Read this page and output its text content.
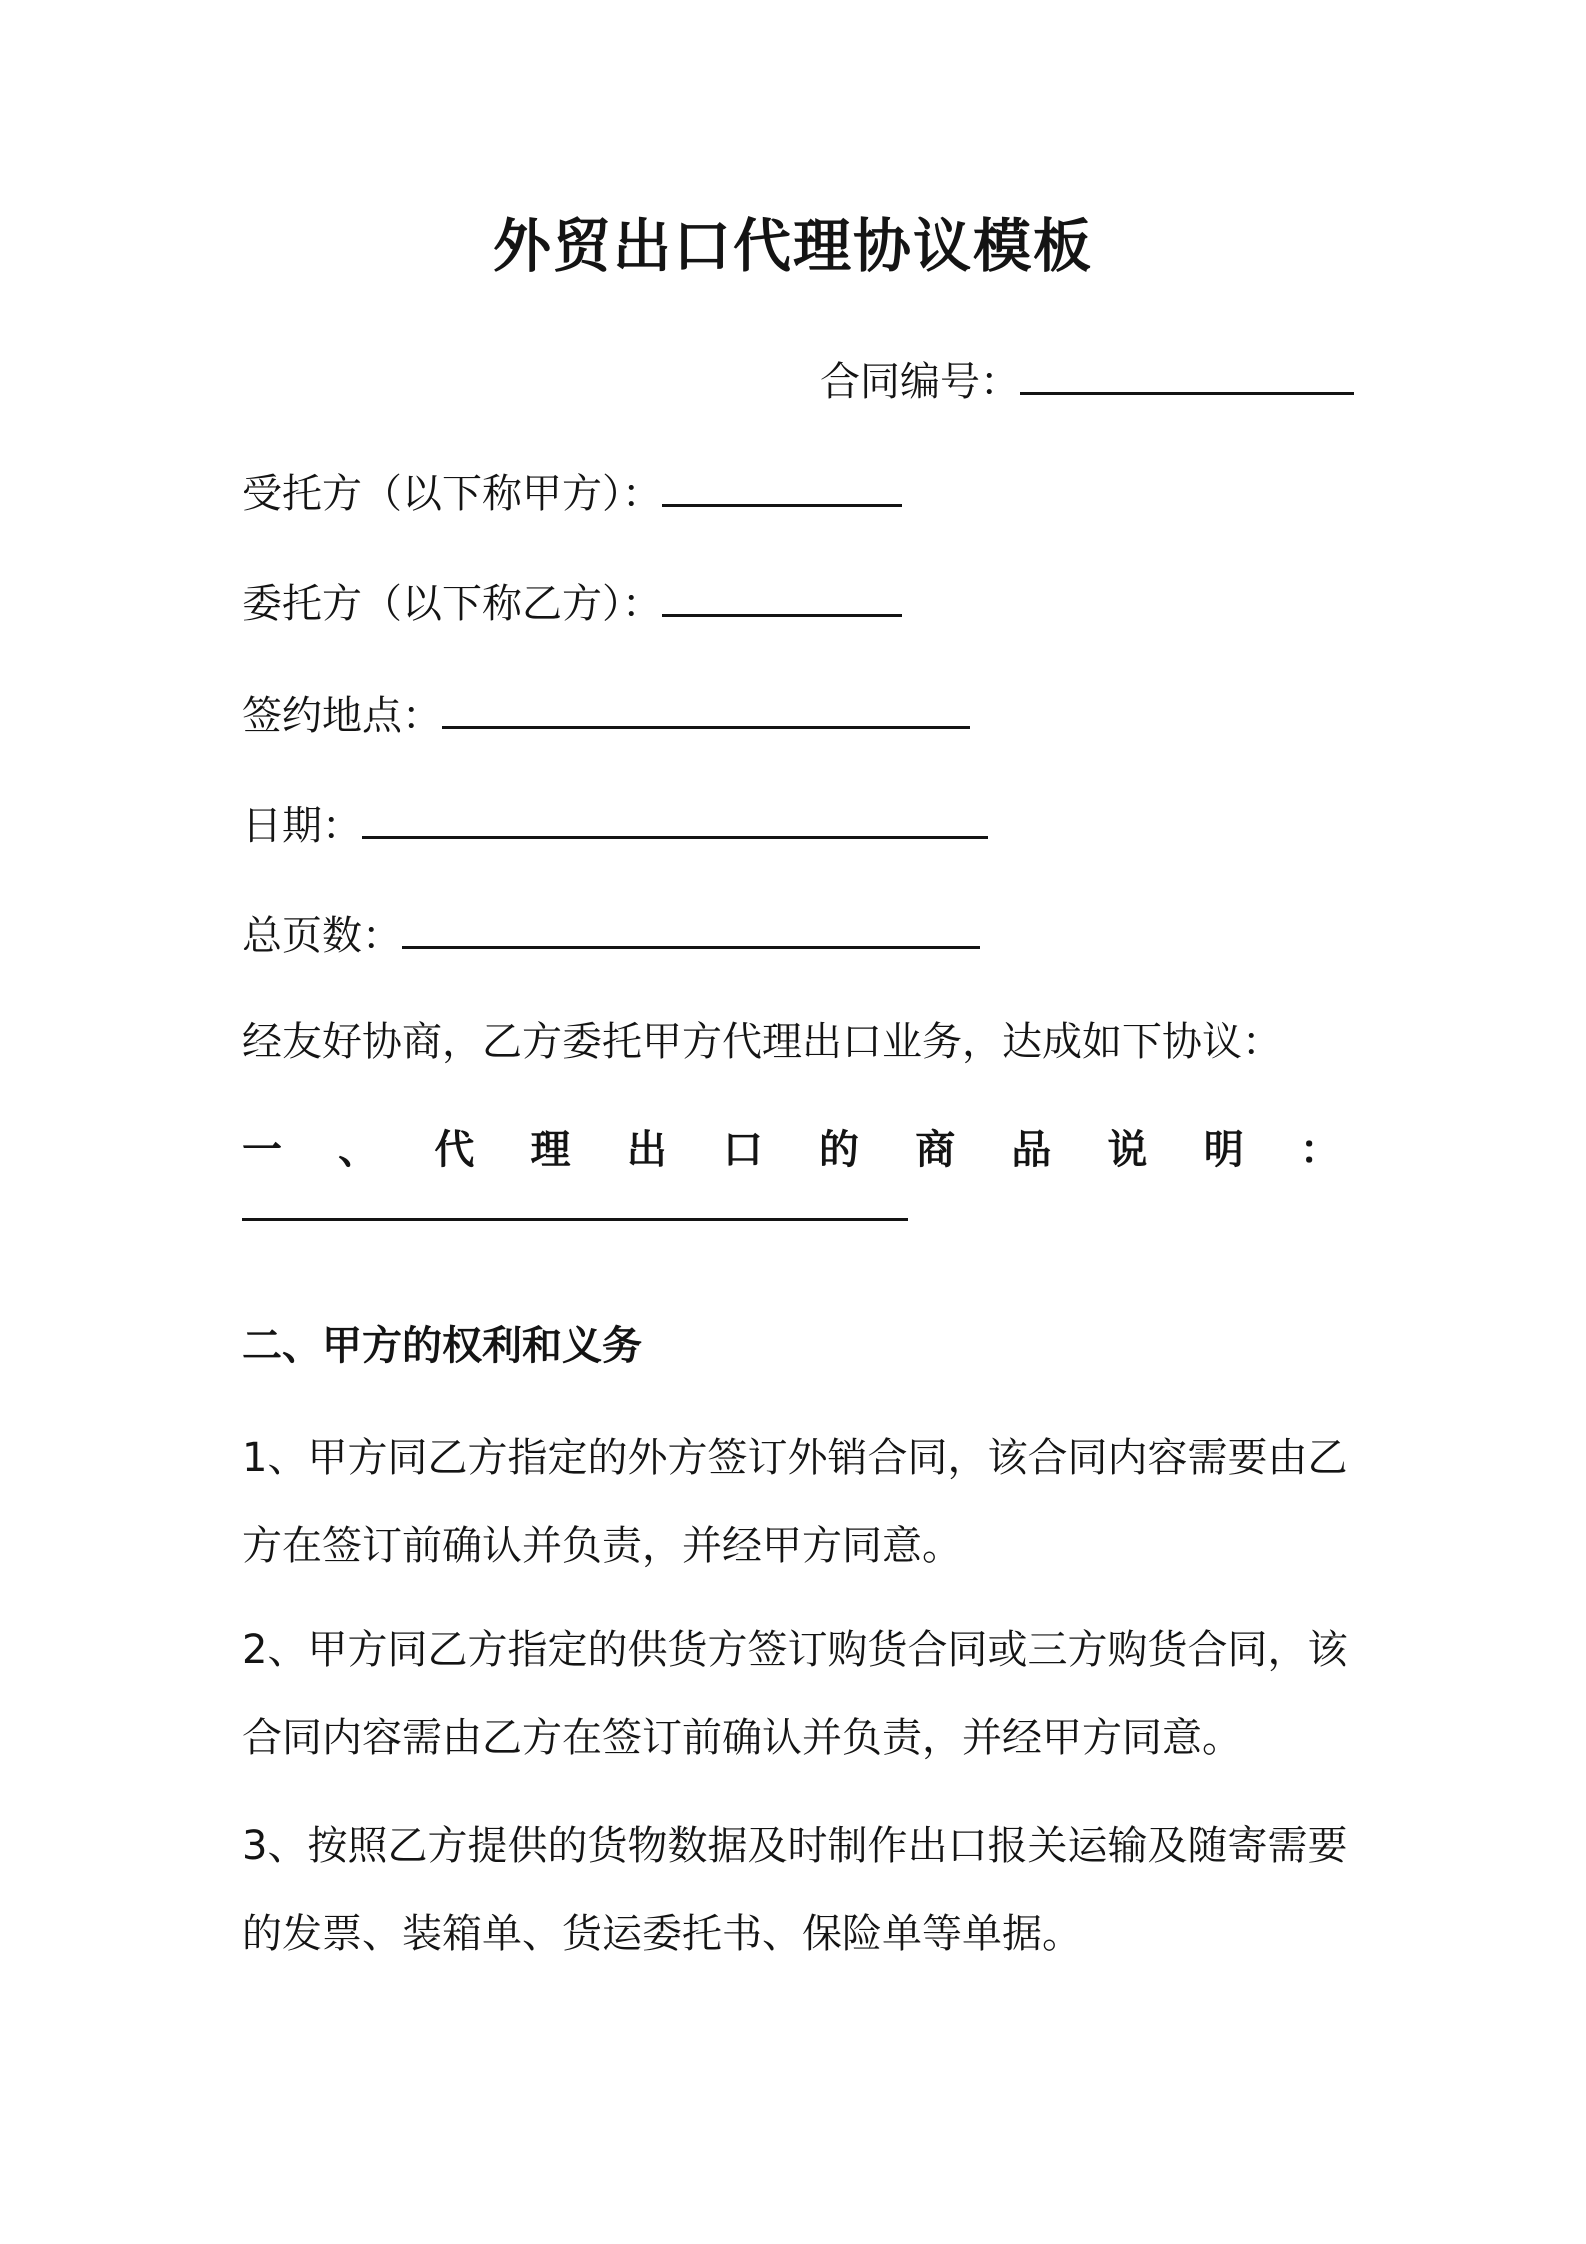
外贸出口代理协议模板
合同编号：
受托方（以下称甲方）：
委托方（以下称乙方）：
签约地点：
日期：
总页数：
经友好协商，乙方委托甲方代理出口业务，达成如下协议：
一 、 代 理 出 口 的 商 品 说 明 ：
二、甲方的权利和义务
1、甲方同乙方指定的外方签订外销合同，该合同内容需要由乙方在签订前确认并负责，并经甲方同意。
2、甲方同乙方指定的供货方签订购货合同或三方购货合同，该合同内容需由乙方在签订前确认并负责，并经甲方同意。
3、按照乙方提供的货物数据及时制作出口报关运输及随寄需要的发票、装箱单、货运委托书、保险单等单据。
